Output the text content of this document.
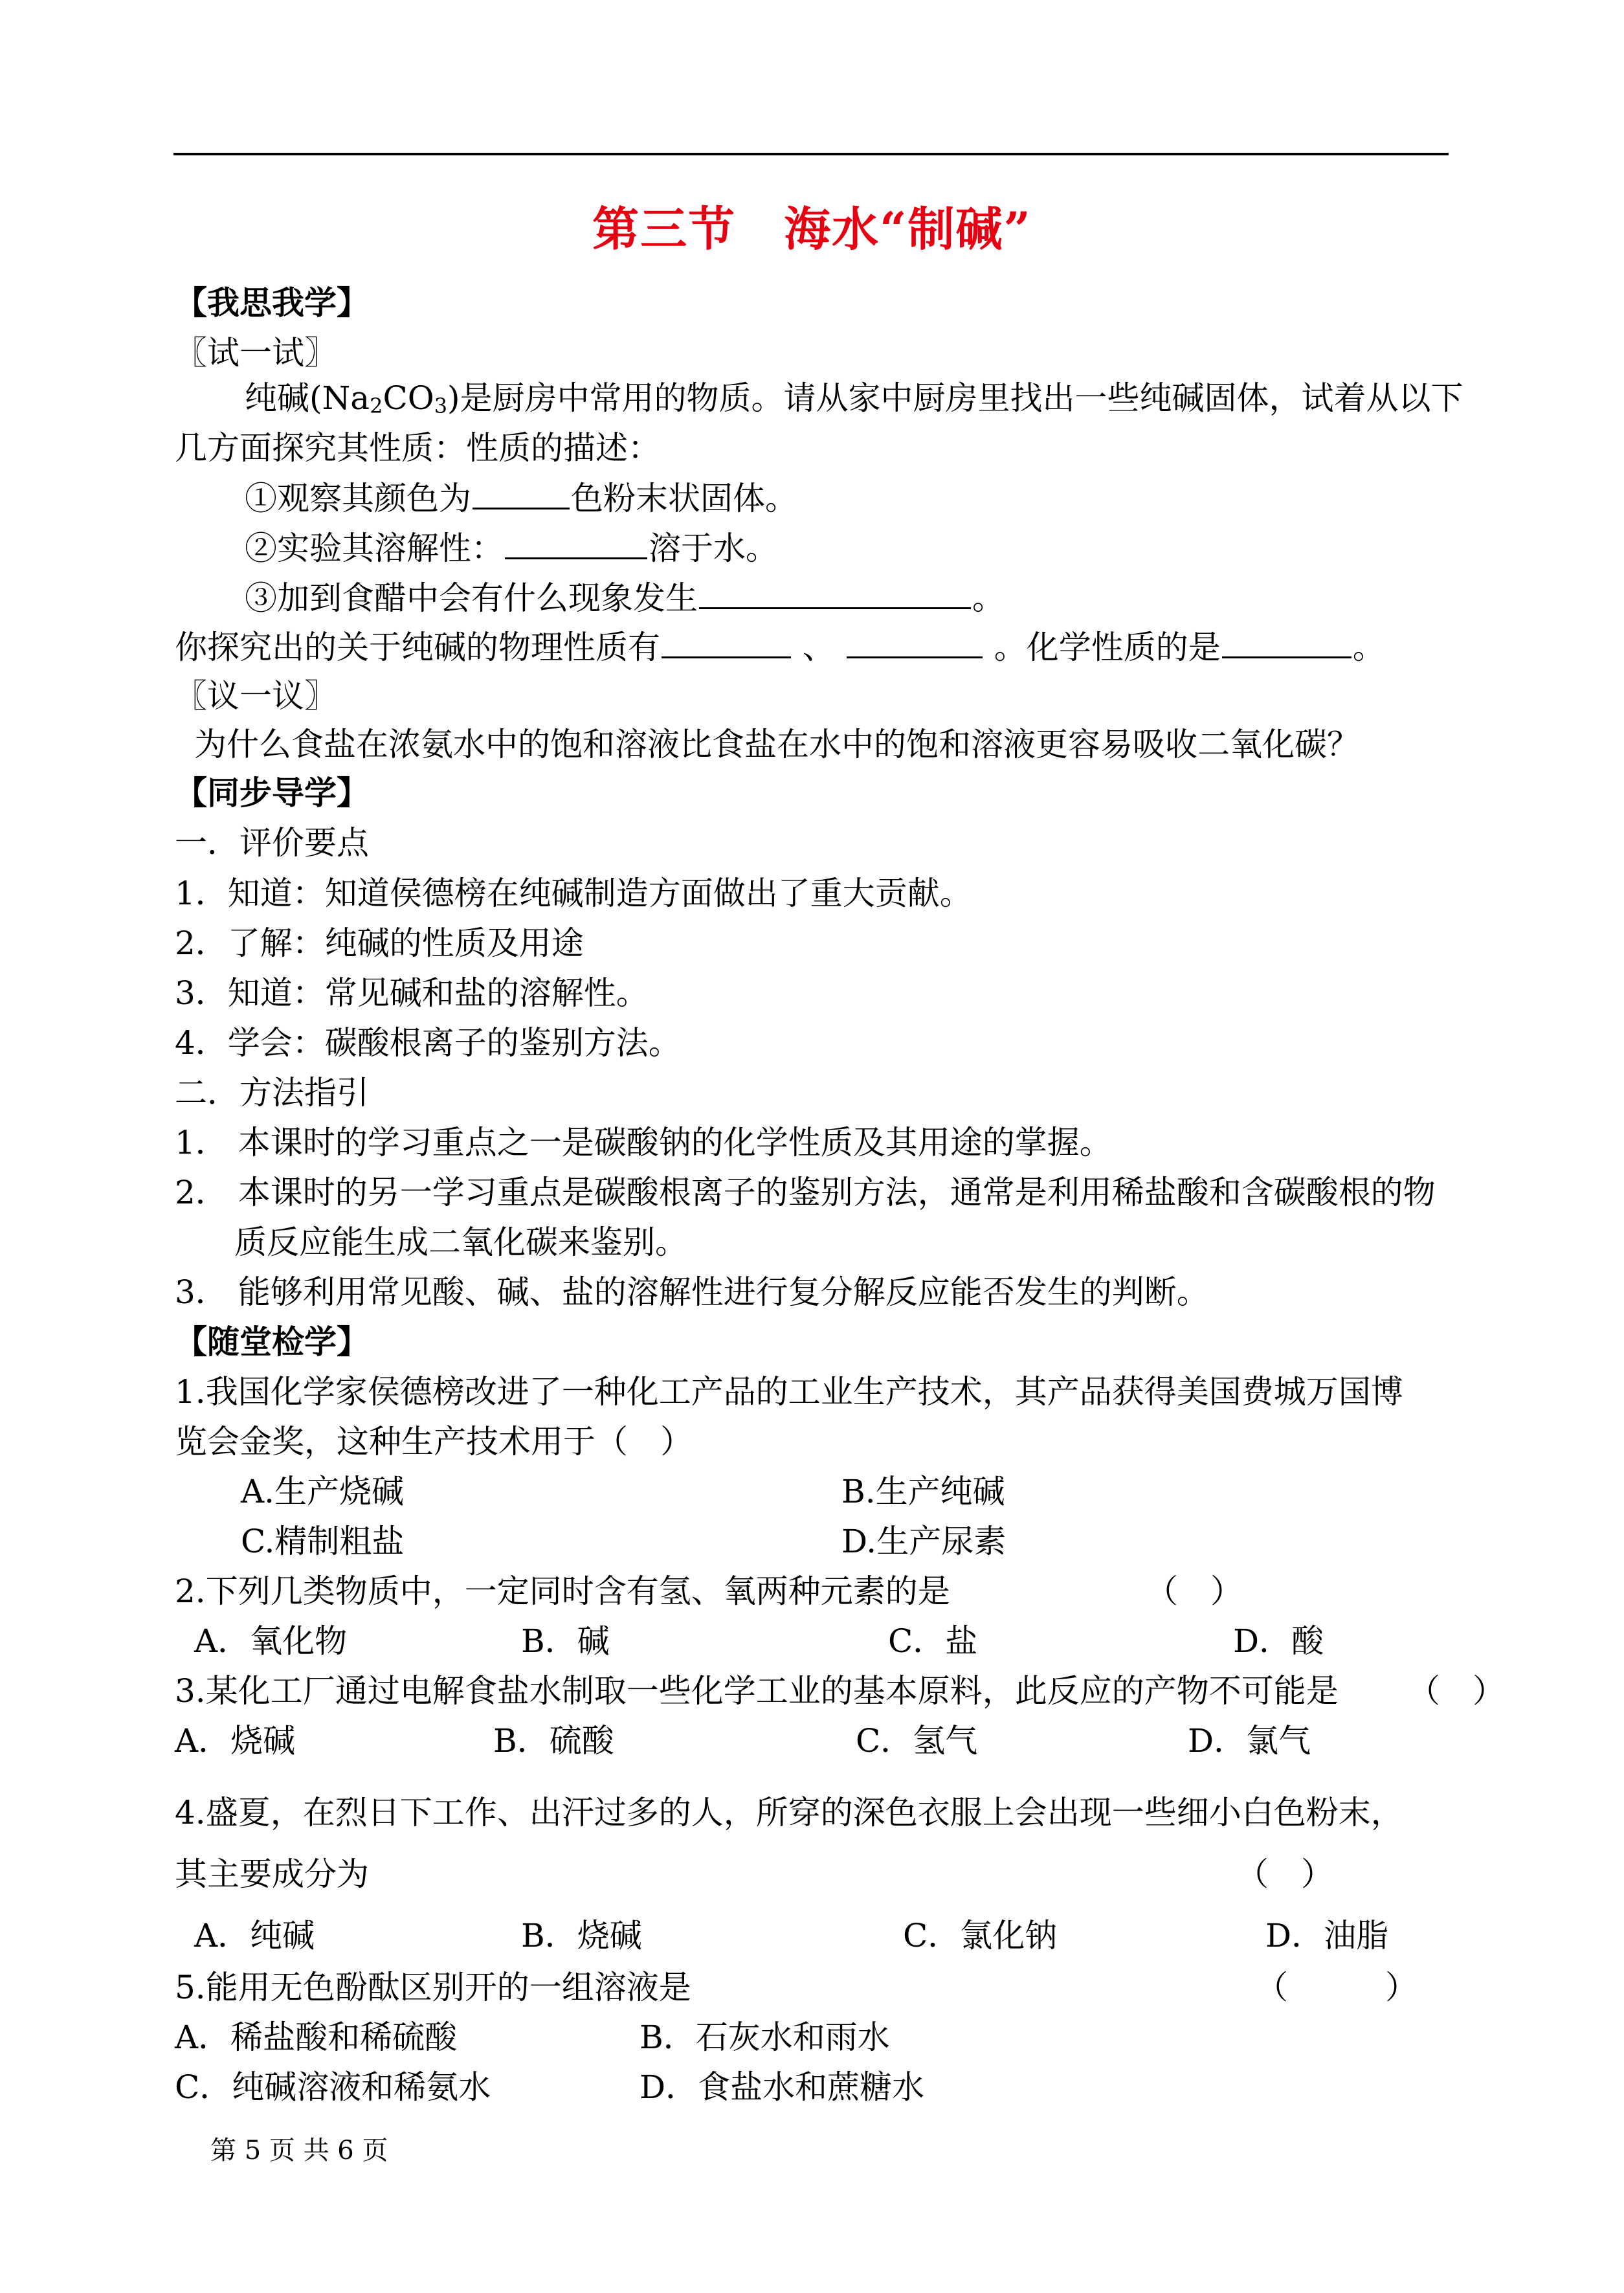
第三节　海水“制碱”
【我思我学】
〖试一试〗
纯碱$(Na_2CO_3)$是厨房中常用的物质。请从家中厨房里找出一些纯碱固体，试着从以下
几方面探究其性质：性质的描述：
①观察其颜色为	色粉末状固体。
②实验其溶解性：	溶于水。
③加到食醋中会有什么现象发生	。
你探究出的关于纯碱的物理性质有	、	。化学性质的是	。
〖议一议〗
为什么食盐在浓氨水中的饱和溶液比食盐在水中的饱和溶液更容易吸收二氧化碳？
【同步导学】
一．评价要点
1．知道：知道侯德榜在纯碱制造方面做出了重大贡献。
2．了解：纯碱的性质及用途
3．知道：常见碱和盐的溶解性。
4．学会：碳酸根离子的鉴别方法。
二．方法指引
1． 本课时的学习重点之一是碳酸钠的化学性质及其用途的掌握。
2． 本课时的另一学习重点是碳酸根离子的鉴别方法，通常是利用稀盐酸和含碳酸根的物
质反应能生成二氧化碳来鉴别。
3． 能够利用常见酸、碱、盐的溶解性进行复分解反应能否发生的判断。
【随堂检学】
1.我国化学家侯德榜改进了一种化工产品的工业生产技术，其产品获得美国费城万国博
览会金奖，这种生产技术用于（　）
A.生产烧碱	B.生产纯碱
C.精制粗盐	D.生产尿素
2.下列几类物质中，一定同时含有氢、氧两种元素的是	（　）
A．氧化物	B．碱	C．盐	D．酸
3.某化工厂通过电解食盐水制取一些化学工业的基本原料，此反应的产物不可能是 （　）
A．烧碱	B．硫酸	C．氢气	D．氯气
4.盛夏，在烈日下工作、出汗过多的人，所穿的深色衣服上会出现一些细小白色粉末，
其主要成分为	（　）
A．纯碱	B．烧碱	C．氯化钠	D．油脂
5.能用无色酚酞区别开的一组溶液是	（　　　）
A．稀盐酸和稀硫酸	B．石灰水和雨水
C．纯碱溶液和稀氨水	D．食盐水和蔗糖水
第 5 页 共 6 页
